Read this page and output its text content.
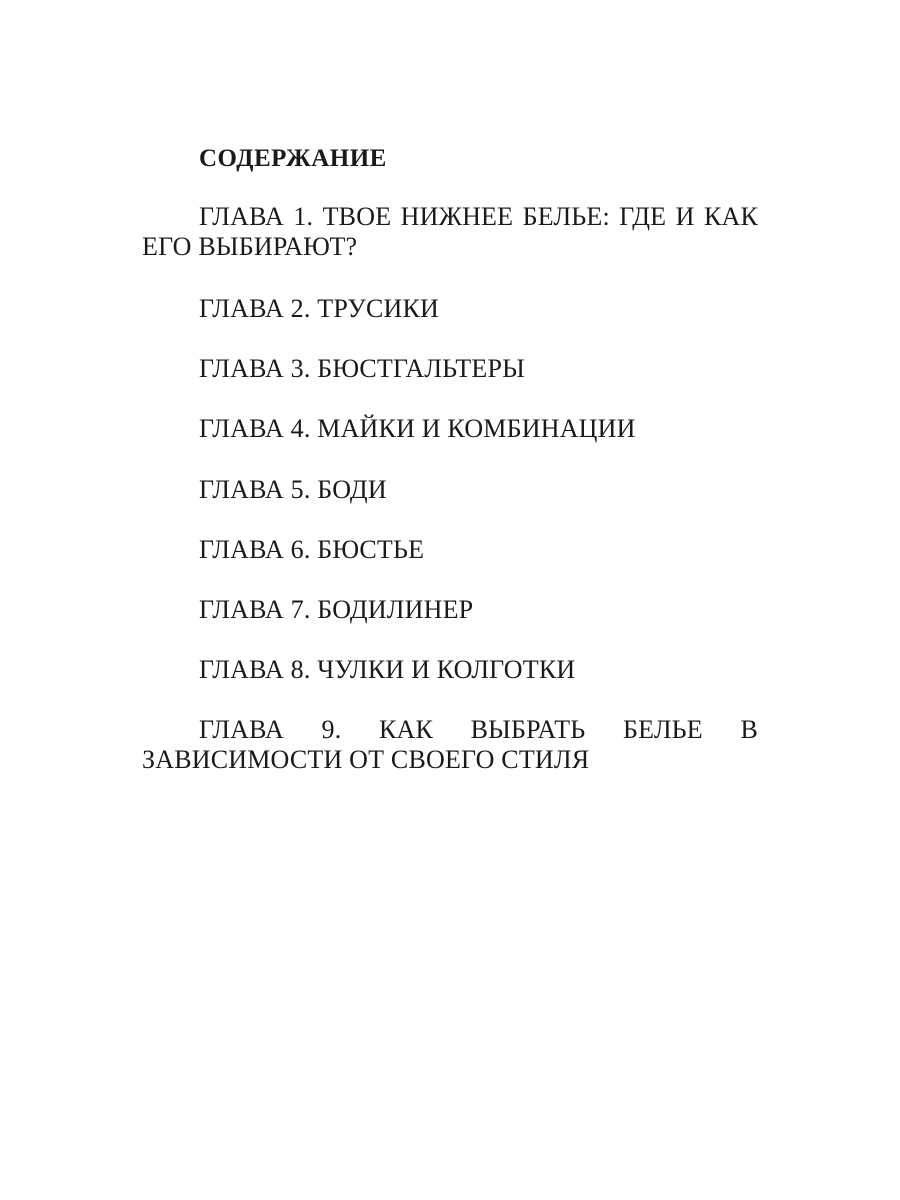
СОДЕРЖАНИЕ
ГЛАВА 1. ТВОЕ НИЖНЕЕ БЕЛЬЕ: ГДЕ И КАК ЕГО ВЫБИРАЮТ?
ГЛАВА 2. ТРУСИКИ
ГЛАВА 3. БЮСТГАЛЬТЕРЫ
ГЛАВА 4. МАЙКИ И КОМБИНАЦИИ
ГЛАВА 5. БОДИ
ГЛАВА 6. БЮСТЬЕ
ГЛАВА 7. БОДИЛИНЕР
ГЛАВА 8. ЧУЛКИ И КОЛГОТКИ
ГЛАВА 9. КАК ВЫБРАТЬ БЕЛЬЕ В ЗАВИСИМОСТИ ОТ СВОЕГО СТИЛЯ
